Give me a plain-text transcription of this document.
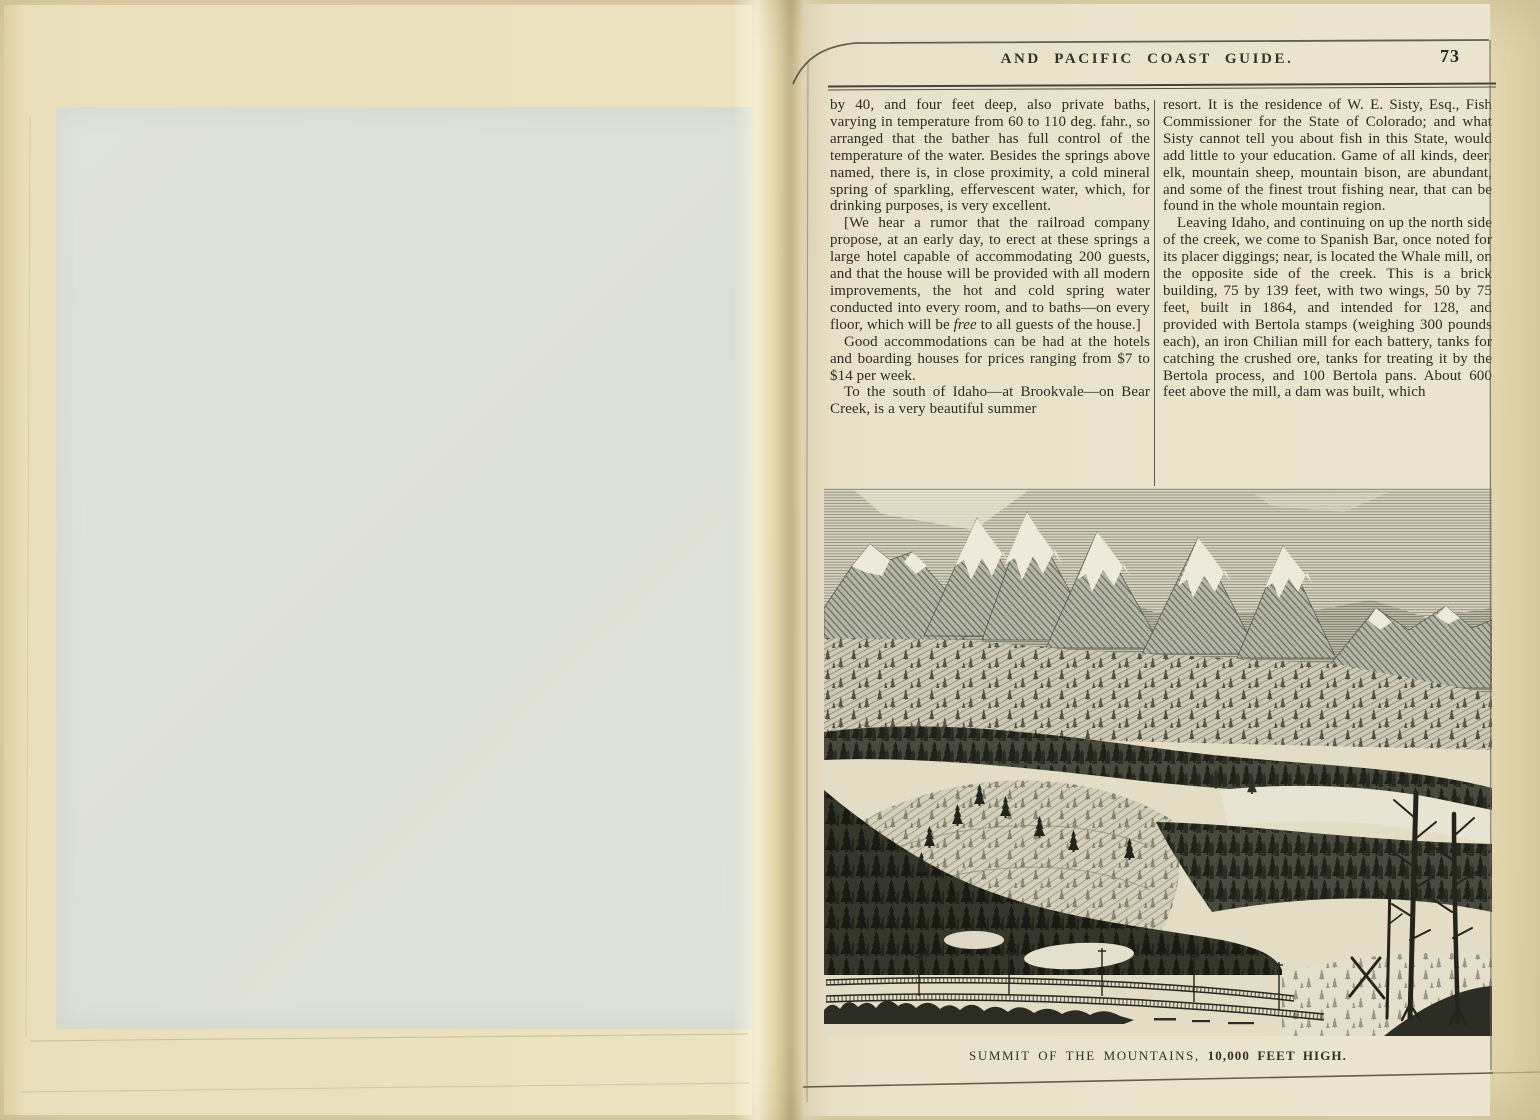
AND PACIFIC COAST GUIDE.	73

by 40, and four feet deep, also private baths, varying in temperature from 60 to 110 deg. fahr., so arranged that the bather has full control of the temperature of the water. Besides the springs above named, there is, in close proximity, a cold mineral spring of sparkling, effervescent water, which, for drinking purposes, is very excellent.

[We hear a rumor that the railroad company propose, at an early day, to erect at these springs a large hotel capable of accommodating 200 guests, and that the house will be provided with all modern improvements, the hot and cold spring water conducted into every room, and to baths—on every floor, which will be free to all guests of the house.]

Good accommodations can be had at the hotels and boarding houses for prices ranging from $7 to $14 per week.

To the south of Idaho—at Brookvale—on Bear Creek, is a very beautiful summer

resort. It is the residence of W. E. Sisty, Esq., Fish Commissioner for the State of Colorado; and what Sisty cannot tell you about fish in this State, would add little to your education. Game of all kinds, deer, elk, mountain sheep, mountain bison, are abundant, and some of the finest trout fishing near, that can be found in the whole mountain region.

Leaving Idaho, and continuing on up the north side of the creek, we come to Spanish Bar, once noted for its placer diggings; near, is located the Whale mill, on the opposite side of the creek. This is a brick building, 75 by 139 feet, with two wings, 50 by 75 feet, built in 1864, and intended for 128, and provided with Bertola stamps (weighing 300 pounds each), an iron Chilian mill for each battery, tanks for catching the crushed ore, tanks for treating it by the Bertola process, and 100 Bertola pans. About 600 feet above the mill, a dam was built, which

SUMMIT OF THE MOUNTAINS, 10,000 FEET HIGH.
